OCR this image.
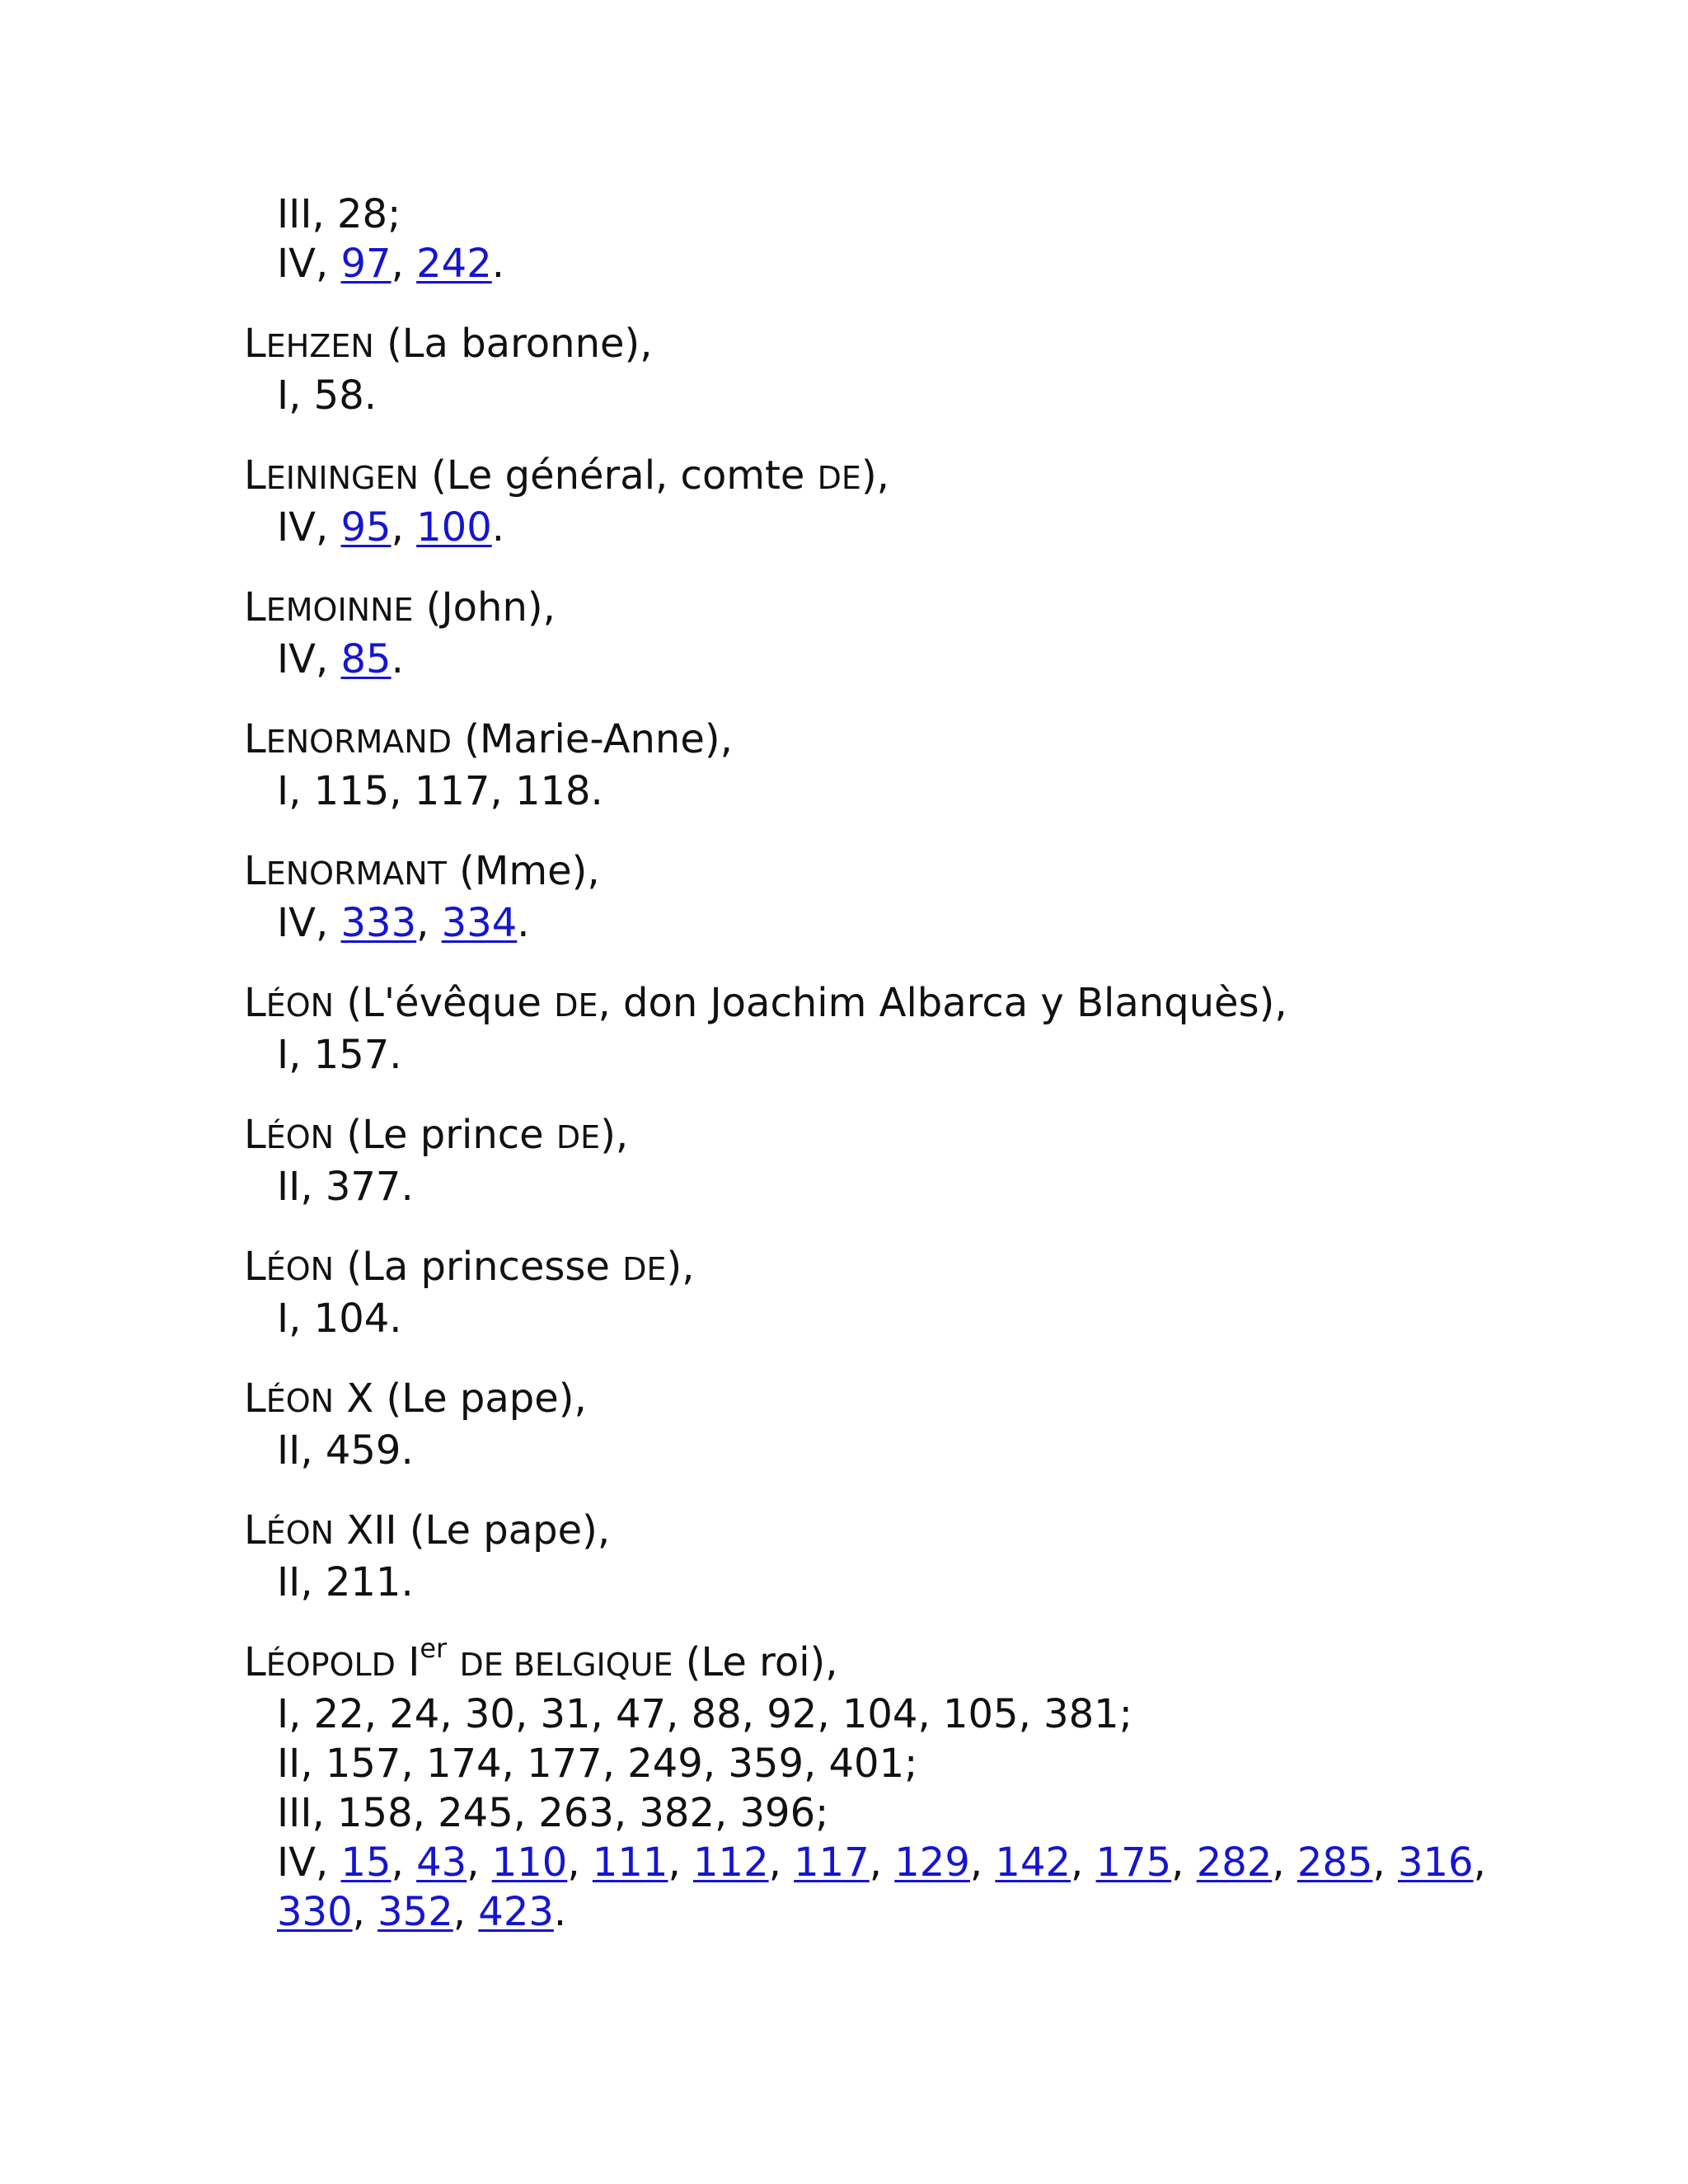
III, 28;
IV, 97, 242.
LEHZEN (La baronne),
I, 58.
LEININGEN (Le général, comte DE),
IV, 95, 100.
LEMOINNE (John),
IV, 85.
LENORMAND (Marie-Anne),
I, 115, 117, 118.
LENORMANT (Mme),
IV, 333, 334.
LÉON (L'évêque DE, don Joachim Albarca y Blanquès),
I, 157.
LÉON (Le prince DE),
II, 377.
LÉON (La princesse DE),
I, 104.
LÉON X (Le pape),
II, 459.
LÉON XII (Le pape),
II, 211.
LÉOPOLD Ier DE BELGIQUE (Le roi),
I, 22, 24, 30, 31, 47, 88, 92, 104, 105, 381;
II, 157, 174, 177, 249, 359, 401;
III, 158, 245, 263, 382, 396;
IV, 15, 43, 110, 111, 112, 117, 129, 142, 175, 282, 285, 316,
330, 352, 423.
